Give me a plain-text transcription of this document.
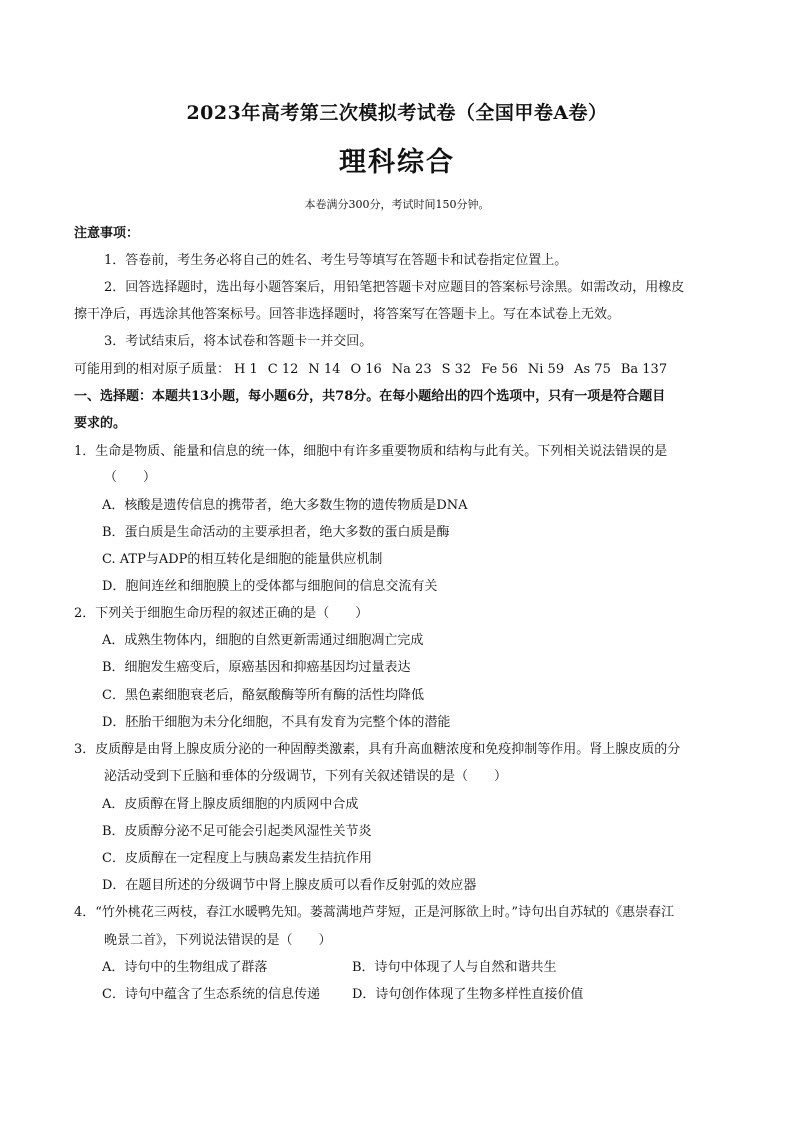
2023年高考第三次模拟考试卷（全国甲卷A卷）
理科综合
本卷满分300分，考试时间150分钟。
注意事项：
1．答卷前，考生务必将自己的姓名、考生号等填写在答题卡和试卷指定位置上。
2．回答选择题时，选出每小题答案后，用铅笔把答题卡对应题目的答案标号涂黑。如需改动，用橡皮
擦干净后，再选涂其他答案标号。回答非选择题时，将答案写在答题卡上。写在本试卷上无效。
3．考试结束后，将本试卷和答题卡一并交回。
可能用到的相对原子质量： H 1 C 12 N 14 O 16 Na 23 S 32 Fe 56 Ni 59 As 75 Ba 137
一、选择题：本题共13小题，每小题6分，共78分。在每小题给出的四个选项中，只有一项是符合题目
要求的。
1．生命是物质、能量和信息的统一体，细胞中有许多重要物质和结构与此有关。下列相关说法错误的是
（　　）
A．核酸是遗传信息的携带者，绝大多数生物的遗传物质是DNA
B．蛋白质是生命活动的主要承担者，绝大多数的蛋白质是酶
C. ATP与ADP的相互转化是细胞的能量供应机制
D．胞间连丝和细胞膜上的受体都与细胞间的信息交流有关
2．下列关于细胞生命历程的叙述正确的是（　　）
A．成熟生物体内，细胞的自然更新需通过细胞凋亡完成
B．细胞发生癌变后，原癌基因和抑癌基因均过量表达
C．黑色素细胞衰老后，酪氨酸酶等所有酶的活性均降低
D．胚胎干细胞为未分化细胞，不具有发育为完整个体的潜能
3．皮质醇是由肾上腺皮质分泌的一种固醇类激素，具有升高血糖浓度和免疫抑制等作用。肾上腺皮质的分
泌活动受到下丘脑和垂体的分级调节，下列有关叙述错误的是（　　）
A．皮质醇在肾上腺皮质细胞的内质网中合成
B．皮质醇分泌不足可能会引起类风湿性关节炎
C．皮质醇在一定程度上与胰岛素发生拮抗作用
D．在题目所述的分级调节中肾上腺皮质可以看作反射弧的效应器
4．“竹外桃花三两枝，春江水暖鸭先知。蒌蒿满地芦芽短，正是河豚欲上时。”诗句出自苏轼的《惠崇春江
晚景二首》，下列说法错误的是（　　）
A．诗句中的生物组成了群落	B．诗句中体现了人与自然和谐共生
C．诗句中蕴含了生态系统的信息传递 D．诗句创作体现了生物多样性直接价值
